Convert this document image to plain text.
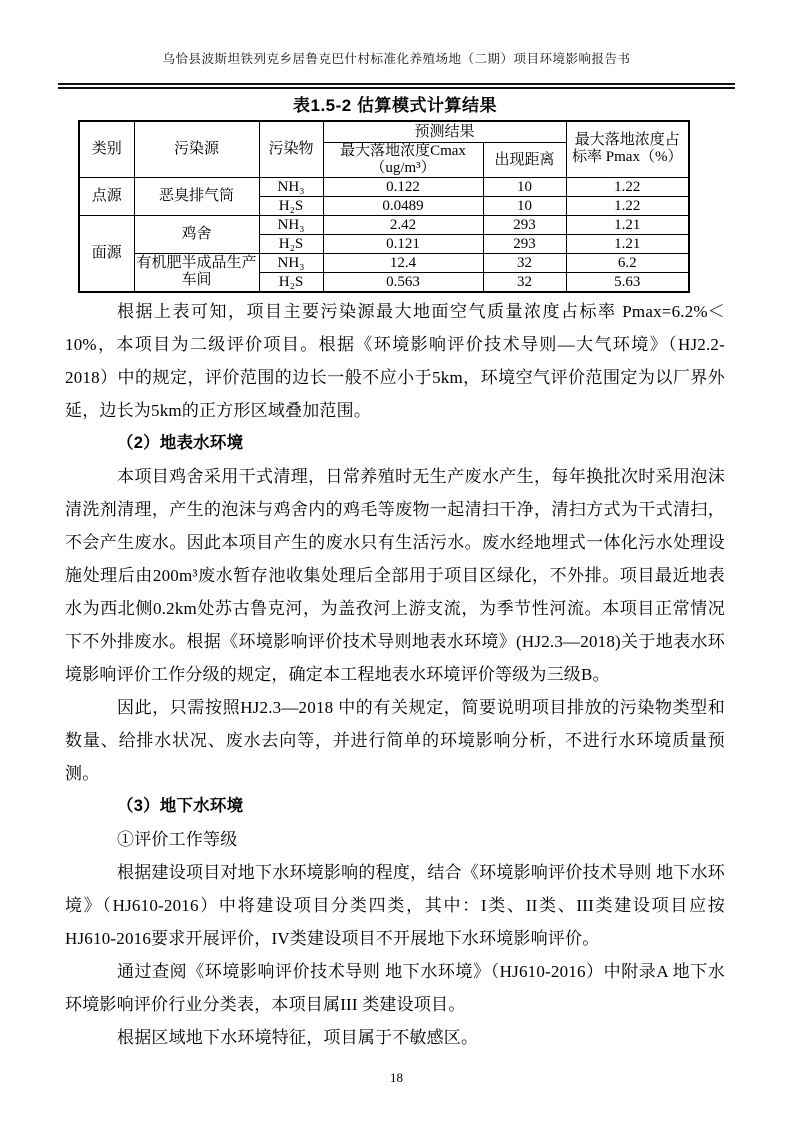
乌恰县波斯坦铁列克乡居鲁克巴什村标准化养殖场地（二期）项目环境影响报告书
表1.5-2 估算模式计算结果
类别	污染源	污染物	预测结果		最大落地浓度占标率 Pmax（%）
			最大落地浓度Cmax（ug/m³）	出现距离	
点源	恶臭排气筒	NH₃	0.122	10	1.22
		H₂S	0.0489	10	1.22
面源	鸡舍	NH₃	2.42	293	1.21
		H₂S	0.121	293	1.21
	有机肥半成品生产车间	NH₃	12.4	32	6.2
		H₂S	0.563	32	5.63

根据上表可知，项目主要污染源最大地面空气质量浓度占标率 Pmax=6.2%＜10%，本项目为二级评价项目。根据《环境影响评价技术导则—大气环境》（HJ2.2-2018）中的规定，评价范围的边长一般不应小于5km，环境空气评价范围定为以厂界外延，边长为5km的正方形区域叠加范围。

（2）地表水环境

本项目鸡舍采用干式清理，日常养殖时无生产废水产生，每年换批次时采用泡沫清洗剂清理，产生的泡沫与鸡舍内的鸡毛等废物一起清扫干净，清扫方式为干式清扫，不会产生废水。因此本项目产生的废水只有生活污水。废水经地埋式一体化污水处理设施处理后由200m³废水暂存池收集处理后全部用于项目区绿化，不外排。项目最近地表水为西北侧0.2km处苏古鲁克河，为盖孜河上游支流，为季节性河流。本项目正常情况下不外排废水。根据《环境影响评价技术导则地表水环境》(HJ2.3—2018)关于地表水环境影响评价工作分级的规定，确定本工程地表水环境评价等级为三级B。

因此，只需按照HJ2.3—2018 中的有关规定，简要说明项目排放的污染物类型和数量、给排水状况、废水去向等，并进行简单的环境影响分析，不进行水环境质量预测。

（3）地下水环境

①评价工作等级

根据建设项目对地下水环境影响的程度，结合《环境影响评价技术导则 地下水环境》（HJ610-2016）中将建设项目分类四类，其中：I类、II类、III类建设项目应按HJ610-2016要求开展评价，IV类建设项目不开展地下水环境影响评价。

通过查阅《环境影响评价技术导则 地下水环境》（HJ610-2016）中附录A 地下水环境影响评价行业分类表，本项目属III 类建设项目。

根据区域地下水环境特征，项目属于不敏感区。

18
